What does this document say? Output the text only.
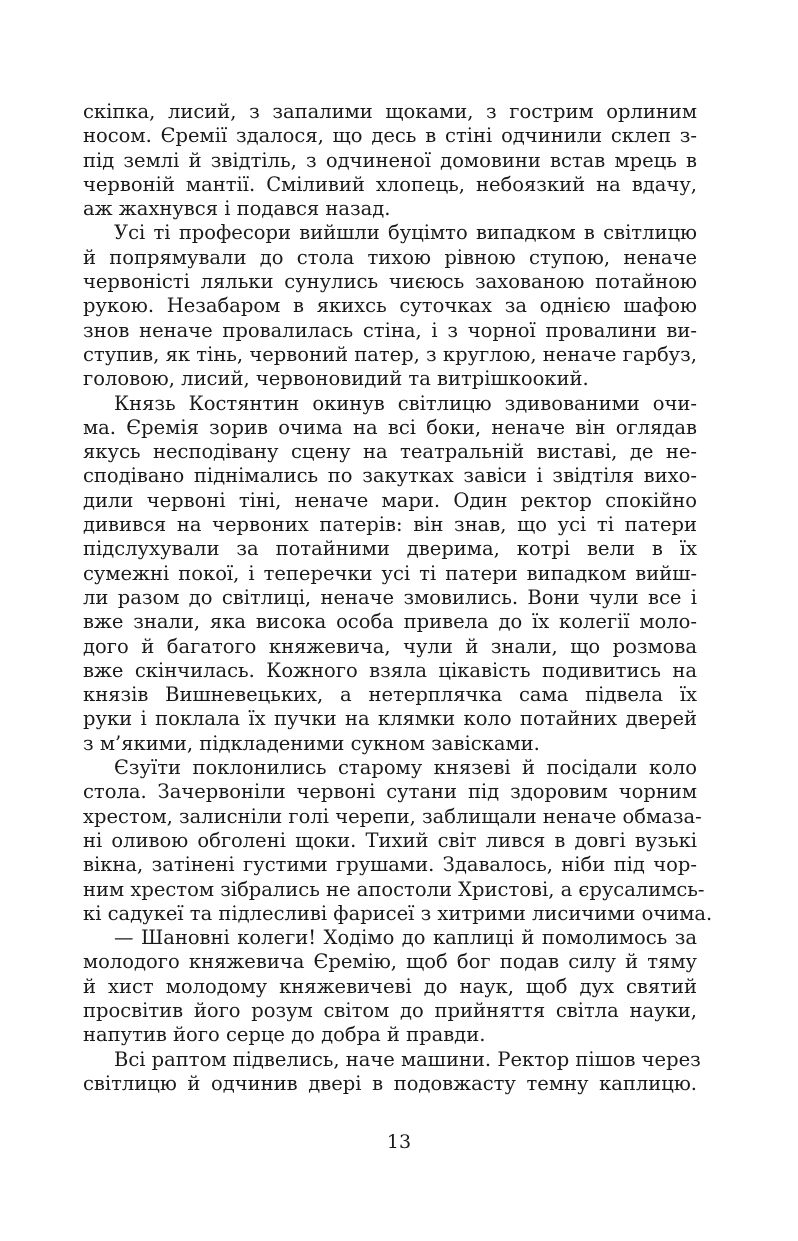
скіпка, лисий, з запалими щоками, з гострим орлиним
носом. Єремії здалося, що десь в стіні одчинили склеп з-
під землі й звідтіль, з одчиненої домовини встав мрець в
червоній мантії. Сміливий хлопець, небоязкий на вдачу,
аж жахнувся і подався назад.
Усі ті професори вийшли буцімто випадком в світлицю
й попрямували до стола тихою рівною ступою, неначе
червоністі ляльки сунулись чиєюсь захованою потайною
рукою. Незабаром в якихсь суточках за однією шафою
знов неначе провалилась стіна, і з чорної провалини ви-
ступив, як тінь, червоний патер, з круглою, неначе гарбуз,
головою, лисий, червоновидий та витрішкоокий.
Князь Костянтин окинув світлицю здивованими очи-
ма. Єремія зорив очима на всі боки, неначе він оглядав
якусь несподівану сцену на театральній виставі, де не-
сподівано піднімались по закутках завіси і звідтіля вихо-
дили червоні тіні, неначе мари. Один ректор спокійно
дивився на червоних патерів: він знав, що усі ті патери
підслухували за потайними дверима, котрі вели в їх
сумежні покої, і теперечки усі ті патери випадком вийш-
ли разом до світлиці, неначе змовились. Вони чули все і
вже знали, яка висока особа привела до їх колегії моло-
дого й багатого княжевича, чули й знали, що розмова
вже скінчилась. Кожного взяла цікавість подивитись на
князів Вишневецьких, а нетерплячка сама підвела їх
руки і поклала їх пучки на клямки коло потайних дверей
з м’якими, підкладеними сукном завісками.
Єзуїти поклонились старому князеві й посідали коло
стола. Зачервоніли червоні сутани під здоровим чорним
хрестом, залисніли голі черепи, заблищали неначе обмаза-
ні оливою обголені щоки. Тихий світ лився в довгі вузькі
вікна, затінені густими грушами. Здавалось, ніби під чор-
ним хрестом зібрались не апостоли Христові, а єрусалимсь-
кі садукеї та підлесливі фарисеї з хитрими лисичими очима.
— Шановні колеги! Ходімо до каплиці й помолимось за
молодого княжевича Єремію, щоб бог подав силу й тяму
й хист молодому княжевичеві до наук, щоб дух святий
просвітив його розум світом до прийняття світла науки,
напутив його серце до добра й правди.
Всі раптом підвелись, наче машини. Ректор пішов через
світлицю й одчинив двері в подовжасту темну каплицю.
13
